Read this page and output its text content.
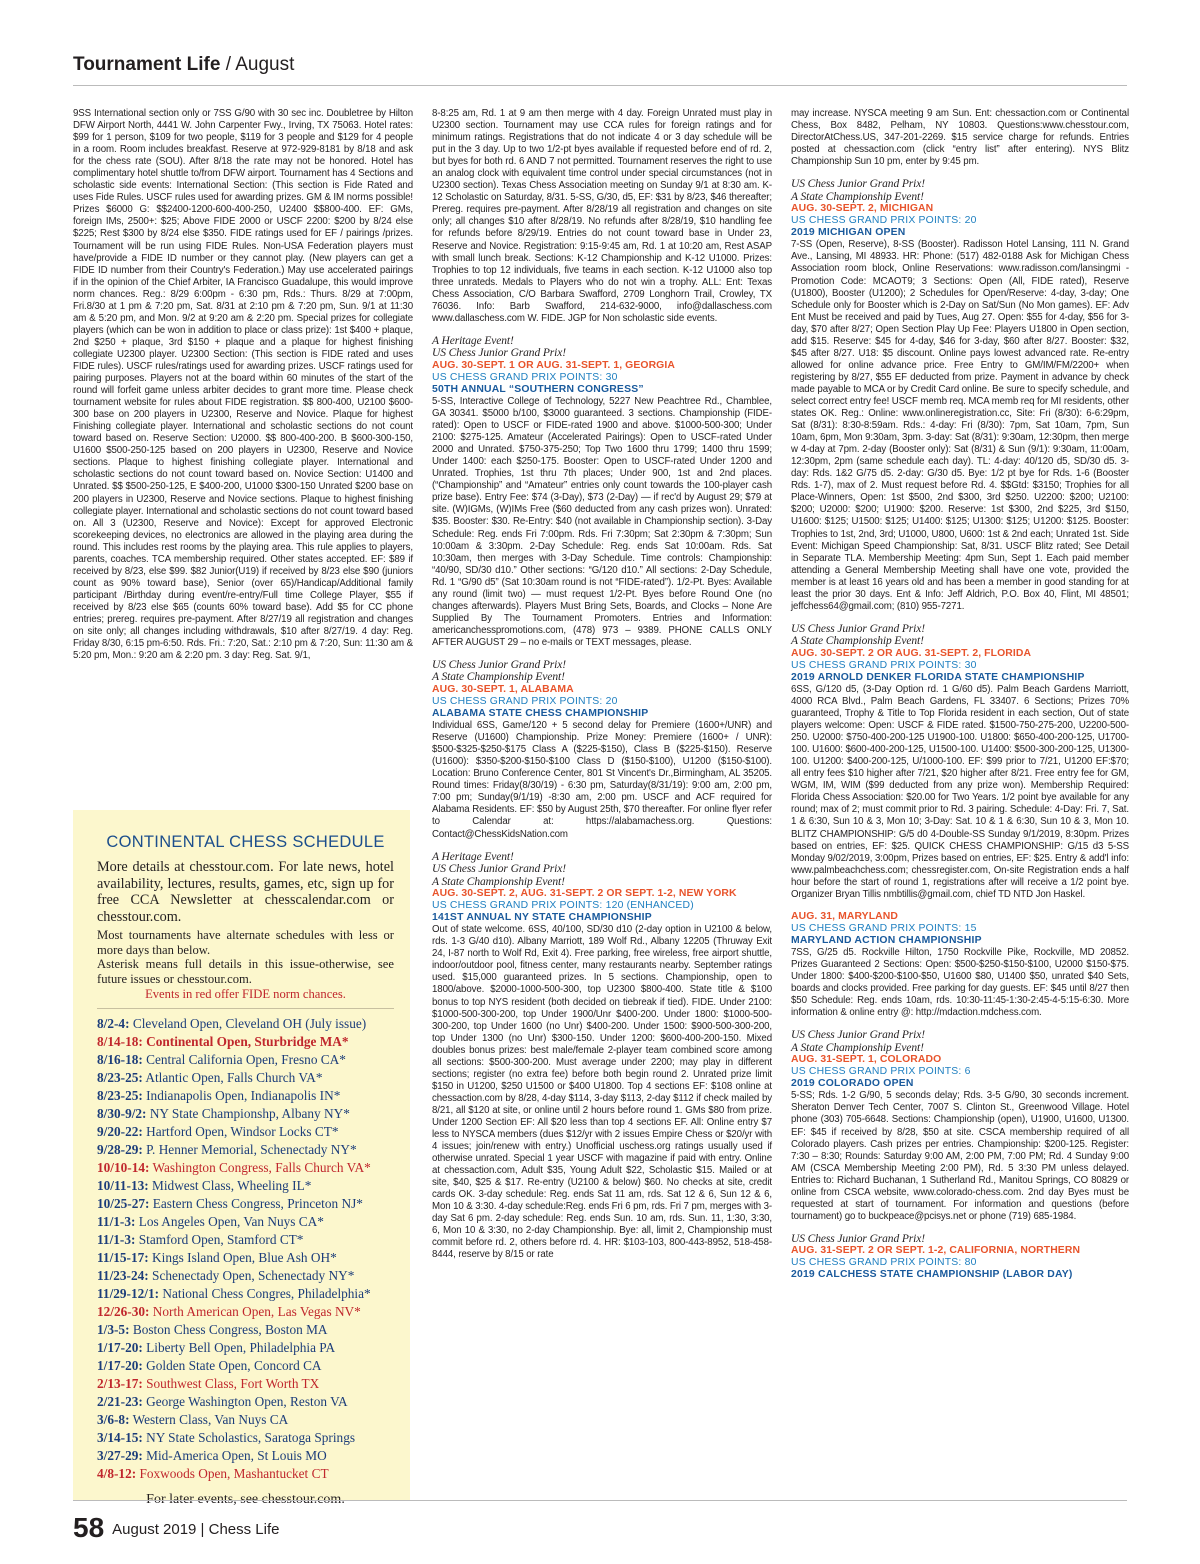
Tournament Life / August

9SS International section only or 7SS G/90 with 30 sec inc. Doubletree by Hilton DFW Airport North, 4441 W. John Carpenter Fwy., Irving, TX 75063. Hotel rates: $99 for 1 person, $109 for two people, $119 for 3 people and $129 for 4 people in a room. Room includes breakfast. Reserve at 972-929-8181 by 8/18 and ask for the chess rate (SOU). After 8/18 the rate may not be honored. Hotel has complimentary hotel shuttle to/from DFW airport. Tournament has 4 Sections and scholastic side events: International Section: (This section is Fide Rated and uses Fide Rules. USCF rules used for awarding prizes. GM & IM norms possible! Prizes $6000 G: $$2400-1200-600-400-250, U2400 $$800-400. EF: GMs, foreign IMs, 2500+: $25; Above FIDE 2000 or USCF 2200: $200 by 8/24 else $225; Rest $300 by 8/24 else $350. FIDE ratings used for EF / pairings /prizes. Tournament will be run using FIDE Rules. Non-USA Federation players must have/provide a FIDE ID number or they cannot play. (New players can get a FIDE ID number from their Country's Federation.) May use accelerated pairings if in the opinion of the Chief Arbiter, IA Francisco Guadalupe, this would improve norm chances. Reg.: 8/29 6:00pm - 6:30 pm, Rds.: Thurs. 8/29 at 7:00pm, Fri.8/30 at 1 pm & 7:20 pm, Sat. 8/31 at 2:10 pm & 7:20 pm, Sun. 9/1 at 11:30 am & 5:20 pm, and Mon. 9/2 at 9:20 am & 2:20 pm. Special prizes for collegiate players (which can be won in addition to place or class prize): 1st $400 + plaque, 2nd $250 + plaque, 3rd $150 + plaque and a plaque for highest finishing collegiate U2300 player. U2300 Section: (This section is FIDE rated and uses FIDE rules). USCF rules/ratings used for awarding prizes. USCF ratings used for pairing purposes. Players not at the board within 60 minutes of the start of the round will forfeit game unless arbiter decides to grant more time. Please check tournament website for rules about FIDE registration. $$ 800-400, U2100 $600-300 base on 200 players in U2300, Reserve and Novice. Plaque for highest Finishing collegiate player. International and scholastic sections do not count toward based on. Reserve Section: U2000. $$ 800-400-200. B $600-300-150, U1600 $500-250-125 based on 200 players in U2300, Reserve and Novice sections. Plaque to highest finishing collegiate player. International and scholastic sections do not count toward based on. Novice Section: U1400 and Unrated. $$ $500-250-125, E $400-200, U1000 $300-150 Unrated $200 base on 200 players in U2300, Reserve and Novice sections. Plaque to highest finishing collegiate player. International and scholastic sections do not count toward based on. All 3 (U2300, Reserve and Novice): Except for approved Electronic scorekeeping devices, no electronics are allowed in the playing area during the round. This includes rest rooms by the playing area. This rule applies to players, parents, coaches. TCA membership required. Other states accepted. EF: $89 if received by 8/23, else $99. $82 Junior(U19) if received by 8/23 else $90 (juniors count as 90% toward base), Senior (over 65)/Handicap/Additional family participant /Birthday during event/re-entry/Full time College Player, $55 if received by 8/23 else $65 (counts 60% toward base). Add $5 for CC phone entries; prereg. requires pre-payment. After 8/27/19 all registration and changes on site only; all changes including withdrawals, $10 after 8/27/19. 4 day: Reg. Friday 8/30, 6:15 pm-6:50. Rds. Fri.: 7:20, Sat.: 2:10 pm & 7:20, Sun: 11:30 am & 5:20 pm, Mon.: 9:20 am & 2:20 pm. 3 day: Reg. Sat. 9/1,

8-8:25 am, Rd. 1 at 9 am then merge with 4 day. Foreign Unrated must play in U2300 section. Tournament may use CCA rules for foreign ratings and for minimum ratings. Registrations that do not indicate 4 or 3 day schedule will be put in the 3 day. Up to two 1/2-pt byes available if requested before end of rd. 2, but byes for both rd. 6 AND 7 not permitted. Tournament reserves the right to use an analog clock with equivalent time control under special circumstances (not in U2300 section). Texas Chess Association meeting on Sunday 9/1 at 8:30 am. K-12 Scholastic on Saturday, 8/31. 5-SS, G/30, d5, EF: $31 by 8/23, $46 thereafter; Prereg. requires pre-payment. After 8/28/19 all registration and changes on site only; all changes $10 after 8/28/19. No refunds after 8/28/19, $10 handling fee for refunds before 8/29/19. Entries do not count toward base in Under 23, Reserve and Novice. Registration: 9:15-9:45 am, Rd. 1 at 10:20 am, Rest ASAP with small lunch break. Sections: K-12 Championship and K-12 U1000. Prizes: Trophies to top 12 individuals, five teams in each section. K-12 U1000 also top three unrateds. Medals to Players who do not win a trophy. ALL: Ent: Texas Chess Association, C/O Barbara Swafford, 2709 Longhorn Trail, Crowley, TX 76036. Info: Barb Swafford, 214-632-9000, info@dallaschess.com www.dallaschess.com W. FIDE. JGP for Non scholastic side events.

A Heritage Event!
US Chess Junior Grand Prix!
AUG. 30-SEPT. 1 OR AUG. 31-SEPT. 1, GEORGIA
US CHESS GRAND PRIX POINTS: 30
50TH ANNUAL “SOUTHERN CONGRESS”
5-SS, Interactive College of Technology, 5227 New Peachtree Rd., Chamblee, GA 30341. $5000 b/100, $3000 guaranteed. 3 sections. Championship (FIDE-rated): Open to USCF or FIDE-rated 1900 and above. $1000-500-300; Under 2100: $275-125. Amateur (Accelerated Pairings): Open to USCF-rated Under 2000 and Unrated. $750-375-250; Top Two 1600 thru 1799; 1400 thru 1599; Under 1400: each $250-175. Booster: Open to USCF-rated Under 1200 and Unrated. Trophies, 1st thru 7th places; Under 900, 1st and 2nd places. (“Championship” and “Amateur” entries only count towards the 100-player cash prize base). Entry Fee: $74 (3-Day), $73 (2-Day) — if rec'd by August 29; $79 at site. (W)IGMs, (W)IMs Free ($60 deducted from any cash prizes won). Unrated: $35. Booster: $30. Re-Entry: $40 (not available in Championship section). 3-Day Schedule: Reg. ends Fri 7:00pm. Rds. Fri 7:30pm; Sat 2:30pm & 7:30pm; Sun 10:00am & 3:30pm. 2-Day Schedule: Reg. ends Sat 10:00am. Rds. Sat 10:30am, then merges with 3-Day Schedule. Time controls: Championship: “40/90, SD/30 d10.” Other sections: “G/120 d10.” All sections: 2-Day Schedule, Rd. 1 “G/90 d5” (Sat 10:30am round is not “FIDE-rated”). 1/2-Pt. Byes: Available any round (limit two) — must request 1/2-Pt. Byes before Round One (no changes afterwards). Players Must Bring Sets, Boards, and Clocks – None Are Supplied By The Tournament Promoters. Entries and Information: americanchesspromotions.com, (478) 973 – 9389. PHONE CALLS ONLY AFTER AUGUST 29 – no e-mails or TEXT messages, please.
US Chess Junior Grand Prix!
A State Championship Event!
AUG. 30-SEPT. 1, ALABAMA
US CHESS GRAND PRIX POINTS: 20
ALABAMA STATE CHESS CHAMPIONSHIP
Individual 6SS, Game/120 + 5 second delay for Premiere (1600+/UNR) and Reserve (U1600) Championship. Prize Money: Premiere (1600+ / UNR): $500-$325-$250-$175 Class A ($225-$150), Class B ($225-$150). Reserve (U1600): $350-$200-$150-$100 Class D ($150-$100), U1200 ($150-$100). Location: Bruno Conference Center, 801 St Vincent's Dr.,Birmingham, AL 35205. Round times: Friday(8/30/19) - 6:30 pm, Saturday(8/31/19): 9:00 am, 2:00 pm, 7:00 pm; Sunday(9/1/19) -8:30 am, 2:00 pm. USCF and ACF required for Alabama Residents. EF: $50 by August 25th, $70 thereafter. For online flyer refer to Calendar at: https://alabamachess.org. Questions: Contact@ChessKidsNation.com
A Heritage Event!
US Chess Junior Grand Prix!
A State Championship Event!
AUG. 30-SEPT. 2, AUG. 31-SEPT. 2 OR SEPT. 1-2, NEW YORK
US CHESS GRAND PRIX POINTS: 120 (ENHANCED)
141ST ANNUAL NY STATE CHAMPIONSHIP
Out of state welcome. 6SS, 40/100, SD/30 d10 (2-day option in U2100 & below, rds. 1-3 G/40 d10). Albany Marriott, 189 Wolf Rd., Albany 12205 (Thruway Exit 24, I-87 north to Wolf Rd, Exit 4). Free parking, free wireless, free airport shuttle, indoor/outdoor pool, fitness center, many restaurants nearby. September ratings used. $15,000 guaranteed prizes. In 5 sections. Championship, open to 1800/above. $2000-1000-500-300, top U2300 $800-400. State title & $100 bonus to top NYS resident (both decided on tiebreak if tied). FIDE. Under 2100: $1000-500-300-200, top Under 1900/Unr $400-200. Under 1800: $1000-500-300-200, top Under 1600 (no Unr) $400-200. Under 1500: $900-500-300-200, top Under 1300 (no Unr) $300-150. Under 1200: $600-400-200-150. Mixed doubles bonus prizes: best male/female 2-player team combined score among all sections: $500-300-200. Must average under 2200; may play in different sections; register (no extra fee) before both begin round 2. Unrated prize limit $150 in U1200, $250 U1500 or $400 U1800. Top 4 sections EF: $108 online at chessaction.com by 8/28, 4-day $114, 3-day $113, 2-day $112 if check mailed by 8/21, all $120 at site, or online until 2 hours before round 1. GMs $80 from prize. Under 1200 Section EF: All $20 less than top 4 sections EF. All: Online entry $7 less to NYSCA members (dues $12/yr with 2 issues Empire Chess or $20/yr with 4 issues; join/renew with entry.) Unofficial uschess.org ratings usually used if otherwise unrated. Special 1 year USCF with magazine if paid with entry. Online at chessaction.com, Adult $35, Young Adult $22, Scholastic $15. Mailed or at site, $40, $25 & $17. Re-entry (U2100 & below) $60. No checks at site, credit cards OK. 3-day schedule: Reg. ends Sat 11 am, rds. Sat 12 & 6, Sun 12 & 6, Mon 10 & 3:30. 4-day schedule:Reg. ends Fri 6 pm, rds. Fri 7 pm, merges with 3-day Sat 6 pm. 2-day schedule: Reg. ends Sun. 10 am, rds. Sun. 11, 1:30, 3:30, 6, Mon 10 & 3:30, no 2-day Championship. Bye: all, limit 2, Championship must commit before rd. 2, others before rd. 4. HR: $103-103, 800-443-8952, 518-458-8444, reserve by 8/15 or rate

may increase. NYSCA meeting 9 am Sun. Ent: chessaction.com or Continental Chess, Box 8482, Pelham, NY 10803. Questions:www.chesstour.com, DirectorAtChess.US, 347-201-2269. $15 service charge for refunds. Entries posted at chessaction.com (click “entry list” after entering). NYS Blitz Championship Sun 10 pm, enter by 9:45 pm.

US Chess Junior Grand Prix!
A State Championship Event!
AUG. 30-SEPT. 2, MICHIGAN
US CHESS GRAND PRIX POINTS: 20
2019 MICHIGAN OPEN
7-SS (Open, Reserve), 8-SS (Booster). Radisson Hotel Lansing, 111 N. Grand Ave., Lansing, MI 48933. HR: Phone: (517) 482-0188 Ask for Michigan Chess Association room block, Online Reservations: www.radisson.com/lansingmi - Promotion Code: MCAOT9; 3 Sections: Open (All, FIDE rated), Reserve (U1800), Booster (U1200); 2 Schedules for Open/Reserve: 4-day, 3-day; One Schedule only for Booster which is 2-Day on Sat/Sun (No Mon games). EF: Adv Ent Must be received and paid by Tues, Aug 27. Open: $55 for 4-day, $56 for 3-day, $70 after 8/27; Open Section Play Up Fee: Players U1800 in Open section, add $15. Reserve: $45 for 4-day, $46 for 3-day, $60 after 8/27. Booster: $32, $45 after 8/27. U18: $5 discount. Online pays lowest advanced rate. Re-entry allowed for online advance price. Free Entry to GM/IM/FM/2200+ when registering by 8/27, $55 EF deducted from prize. Payment in advance by check made payable to MCA or by Credit Card online. Be sure to specify schedule, and select correct entry fee! USCF memb req. MCA memb req for MI residents, other states OK. Reg.: Online: www.onlineregistration.cc, Site: Fri (8/30): 6-6:29pm, Sat (8/31): 8:30-8:59am. Rds.: 4-day: Fri (8/30): 7pm, Sat 10am, 7pm, Sun 10am, 6pm, Mon 9:30am, 3pm. 3-day: Sat (8/31): 9:30am, 12:30pm, then merge w 4-day at 7pm. 2-day (Booster only): Sat (8/31) & Sun (9/1): 9:30am, 11:00am, 12:30pm, 2pm (same schedule each day). TL: 4-day: 40/120 d5, SD/30 d5. 3-day: Rds. 1&2 G/75 d5. 2-day: G/30 d5. Bye: 1/2 pt bye for Rds. 1-6 (Booster Rds. 1-7), max of 2. Must request before Rd. 4. $$Gtd: $3150; Trophies for all Place-Winners, Open: 1st $500, 2nd $300, 3rd $250. U2200: $200; U2100: $200; U2000: $200; U1900: $200. Reserve: 1st $300, 2nd $225, 3rd $150, U1600: $125; U1500: $125; U1400: $125; U1300: $125; U1200: $125. Booster: Trophies to 1st, 2nd, 3rd; U1000, U800, U600: 1st & 2nd each; Unrated 1st. Side Event: Michigan Speed Championship: Sat, 8/31. USCF Blitz rated; See Detail in Separate TLA. Membership Meeting: 4pm Sun, Sept 1. Each paid member attending a General Membership Meeting shall have one vote, provided the member is at least 16 years old and has been a member in good standing for at least the prior 30 days. Ent & Info: Jeff Aldrich, P.O. Box 40, Flint, MI 48501; jeffchess64@gmail.com; (810) 955-7271.
US Chess Junior Grand Prix!
A State Championship Event!
AUG. 30-SEPT. 2 OR AUG. 31-SEPT. 2, FLORIDA
US CHESS GRAND PRIX POINTS: 30
2019 ARNOLD DENKER FLORIDA STATE CHAMPIONSHIP
6SS, G/120 d5, (3-Day Option rd. 1 G/60 d5). Palm Beach Gardens Marriott, 4000 RCA Blvd., Palm Beach Gardens, FL 33407. 6 Sections; Prizes 70% guaranteed, Trophy & Title to Top Florida resident in each section, Out of state players welcome: Open: USCF & FIDE rated. $1500-750-275-200, U2200-500-250. U2000: $750-400-200-125 U1900-100. U1800: $650-400-200-125, U1700-100. U1600: $600-400-200-125, U1500-100. U1400: $500-300-200-125, U1300-100. U1200: $400-200-125, U/1000-100. EF: $99 prior to 7/21, U1200 EF:$70; all entry fees $10 higher after 7/21, $20 higher after 8/21. Free entry fee for GM, WGM, IM, WIM ($99 deducted from any prize won). Membership Required: Florida Chess Association: $20.00 for Two Years. 1/2 point bye available for any round; max of 2; must commit prior to Rd. 3 pairing. Schedule: 4-Day: Fri. 7, Sat. 1 & 6:30, Sun 10 & 3, Mon 10; 3-Day: Sat. 10 & 1 & 6:30, Sun 10 & 3, Mon 10. BLITZ CHAMPIONSHIP: G/5 d0 4-Double-SS Sunday 9/1/2019, 8:30pm. Prizes based on entries, EF: $25. QUICK CHESS CHAMPIONSHIP: G/15 d3 5-SS Monday 9/02/2019, 3:00pm, Prizes based on entries, EF: $25. Entry & add'l info: www.palmbeachchess.com; chessregister.com, On-site Registration ends a half hour before the start of round 1, registrations after will receive a 1/2 point bye. Organizer Bryan Tillis nmbtillis@gmail.com, chief TD NTD Jon Haskel.
AUG. 31, MARYLAND
US CHESS GRAND PRIX POINTS: 15
MARYLAND ACTION CHAMPIONSHIP
7SS, G/25 d5. Rockville Hilton, 1750 Rockville Pike, Rockville, MD 20852. Prizes Guaranteed 2 Sections: Open: $500-$250-$150-$100, U2000 $150-$75. Under 1800: $400-$200-$100-$50, U1600 $80, U1400 $50, unrated $40 Sets, boards and clocks provided. Free parking for day guests. EF: $45 until 8/27 then $50 Schedule: Reg. ends 10am, rds. 10:30-11:45-1:30-2:45-4-5:15-6:30. More information & online entry @: http://mdaction.mdchess.com.
US Chess Junior Grand Prix!
A State Championship Event!
AUG. 31-SEPT. 1, COLORADO
US CHESS GRAND PRIX POINTS: 6
2019 COLORADO OPEN
5-SS; Rds. 1-2 G/90, 5 seconds delay; Rds. 3-5 G/90, 30 seconds increment. Sheraton Denver Tech Center, 7007 S. Clinton St., Greenwood Village. Hotel phone (303) 705-6648. Sections: Championship (open), U1900, U1600, U1300. EF: $45 if received by 8/28, $50 at site. CSCA membership required of all Colorado players. Cash prizes per entries. Championship: $200-125. Register: 7:30 – 8:30; Rounds: Saturday 9:00 AM, 2:00 PM, 7:00 PM; Rd. 4 Sunday 9:00 AM (CSCA Membership Meeting 2:00 PM), Rd. 5 3:30 PM unless delayed. Entries to: Richard Buchanan, 1 Sutherland Rd., Manitou Springs, CO 80829 or online from CSCA website, www.colorado-chess.com. 2nd day Byes must be requested at start of tournament. For information and questions (before tournament) go to buckpeace@pcisys.net or phone (719) 685-1984.
US Chess Junior Grand Prix!
AUG. 31-SEPT. 2 OR SEPT. 1-2, CALIFORNIA, NORTHERN
US CHESS GRAND PRIX POINTS: 80
2019 CALCHESS STATE CHAMPIONSHIP (LABOR DAY)
CONTINENTAL CHESS SCHEDULE

More details at chesstour.com. For late news, hotel availability, lectures, results, games, etc, sign up for free CCA Newsletter at chesscalendar.com or chesstour.com.

Most tournaments have alternate schedules with less or more days than below.

Asterisk means full details in this issue-otherwise, see future issues or chesstour.com.

Events in red offer FIDE norm chances.

8/2-4: Cleveland Open, Cleveland OH (July issue)
8/14-18: Continental Open, Sturbridge MA*
8/16-18: Central California Open, Fresno CA*
8/23-25: Atlantic Open, Falls Church VA*
8/23-25: Indianapolis Open, Indianapolis IN*
8/30-9/2: NY State Championshp, Albany NY*
9/20-22: Hartford Open, Windsor Locks CT*
9/28-29: P. Henner Memorial, Schenectady NY*
10/10-14: Washington Congress, Falls Church VA*
10/11-13: Midwest Class, Wheeling IL*
10/25-27: Eastern Chess Congress, Princeton NJ*
11/1-3: Los Angeles Open, Van Nuys CA*
11/1-3: Stamford Open, Stamford CT*
11/15-17: Kings Island Open, Blue Ash OH*
11/23-24: Schenectady Open, Schenectady NY*
11/29-12/1: National Chess Congres, Philadelphia*
12/26-30: North American Open, Las Vegas NV*
1/3-5: Boston Chess Congress, Boston MA
1/17-20: Liberty Bell Open, Philadelphia PA
1/17-20: Golden State Open, Concord CA
2/13-17: Southwest Class, Fort Worth TX
2/21-23: George Washington Open, Reston VA
3/6-8: Western Class, Van Nuys CA
3/14-15: NY State Scholastics, Saratoga Springs
3/27-29: Mid-America Open, St Louis MO
4/8-12: Foxwoods Open, Mashantucket CT

For later events, see chesstour.com.

58 August 2019 | Chess Life
